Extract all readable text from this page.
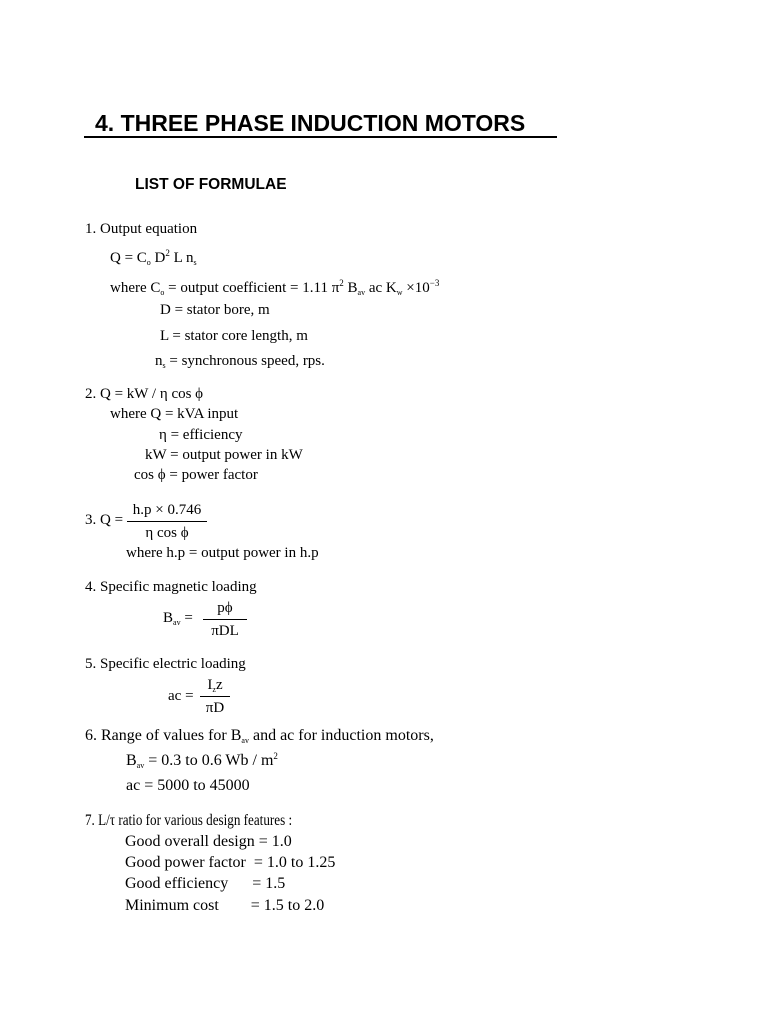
4. THREE PHASE INDUCTION MOTORS
LIST OF FORMULAE
1. Output equation
$Q = C_o$ $D^2$ L $n_s$
where $C_o$ = output coefficient = 1.11 $\pi^2$ $B_{av}$ ac $K_w \times 10^{-3}$
D = stator bore, m
L = stator core length, m
$n_s$ = synchronous speed, rps.
2. Q = kW / η cos ϕ
where Q = kVA input
η = efficiency
kW = output power in kW
cos ϕ = power factor
3. $Q = \frac{h.p \times 0.746}{\text{η cos ϕ}}$
where h.p = output power in h.p
4. Specific magnetic loading
$B_{av}$ =
pϕ
πDL
5. Specific electric loading
ac =
$I_zz$
πD
6. Range of values for $B_{av}$ and ac for induction motors,
$B_{av} = 0.3$ to 0.6 Wb / $m^2$
ac = 5000 to 45000
7. L/τ ratio for various design features :
Good overall design = 1.0
Good power factor  = 1.0 to 1.25
Good efficiency      = 1.5
Minimum cost        = 1.5 to 2.0
